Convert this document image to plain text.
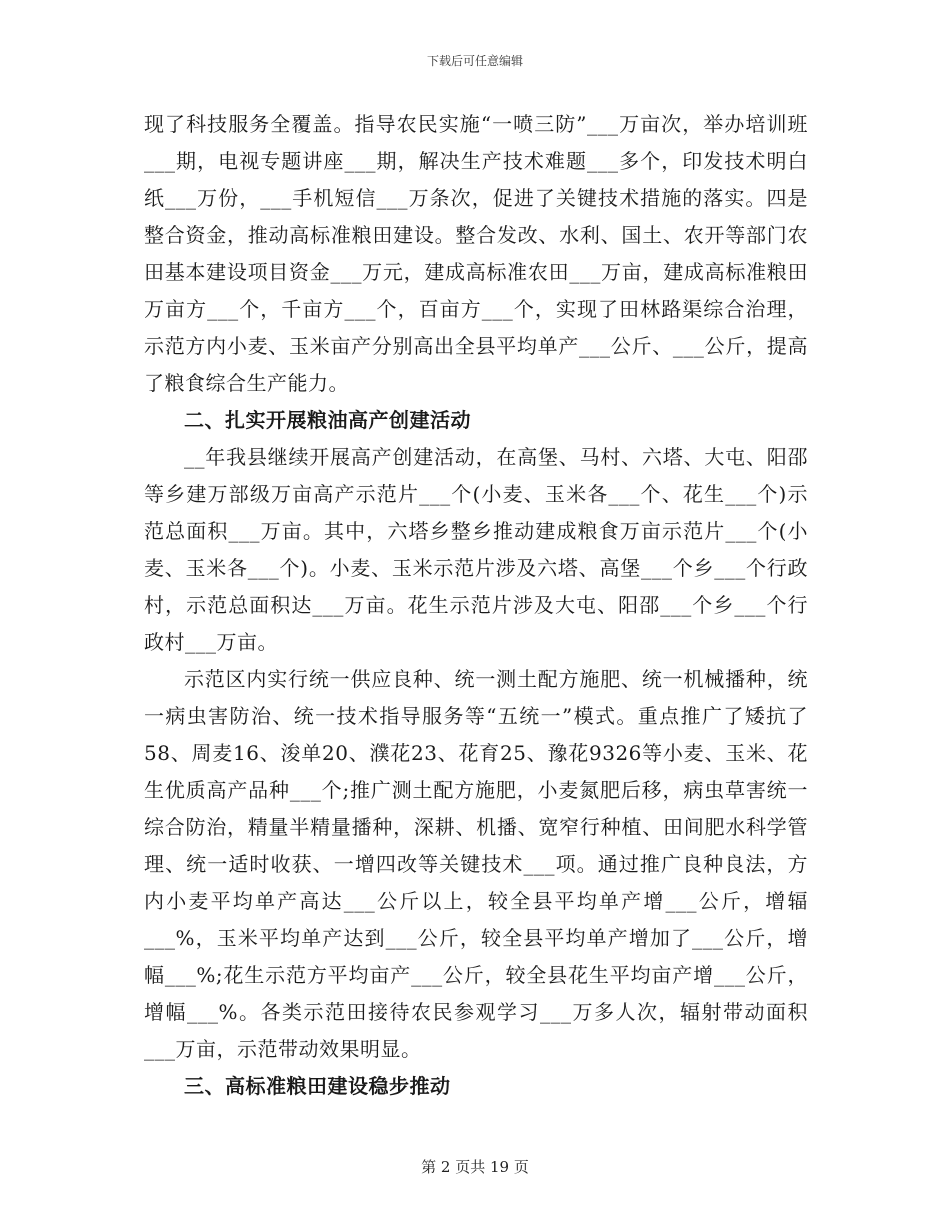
下载后可任意编辑

现了科技服务全覆盖。指导农民实施“一喷三防”___万亩次，举办培训班___期，电视专题讲座___期，解决生产技术难题___多个，印发技术明白纸___万份，___手机短信___万条次，促进了关键技术措施的落实。四是整合资金，推动高标准粮田建设。整合发改、水利、国土、农开等部门农田基本建设项目资金___万元，建成高标准农田___万亩，建成高标准粮田万亩方___个，千亩方___个，百亩方___个，实现了田林路渠综合治理，示范方内小麦、玉米亩产分别高出全县平均单产___公斤、___公斤，提高了粮食综合生产能力。

二、扎实开展粮油高产创建活动

__年我县继续开展高产创建活动，在高堡、马村、六塔、大屯、阳邵等乡建万部级万亩高产示范片___个(小麦、玉米各___个、花生___个)示范总面积___万亩。其中，六塔乡整乡推动建成粮食万亩示范片___个(小麦、玉米各___个)。小麦、玉米示范片涉及六塔、高堡___个乡___个行政村，示范总面积达___万亩。花生示范片涉及大屯、阳邵___个乡___个行政村___万亩。

示范区内实行统一供应良种、统一测土配方施肥、统一机械播种，统一病虫害防治、统一技术指导服务等“五统一”模式。重点推广了矮抗了58、周麦16、浚单20、濮花23、花育25、豫花9326等小麦、玉米、花生优质高产品种___个;推广测土配方施肥，小麦氮肥后移，病虫草害统一综合防治，精量半精量播种，深耕、机播、宽窄行种植、田间肥水科学管理、统一适时收获、一增四改等关键技术___项。通过推广良种良法，方内小麦平均单产高达___公斤以上，较全县平均单产增___公斤，增辐___%，玉米平均单产达到___公斤，较全县平均单产增加了___公斤，增幅___%;花生示范方平均亩产___公斤，较全县花生平均亩产增___公斤，增幅___%。各类示范田接待农民参观学习___万多人次，辐射带动面积___万亩，示范带动效果明显。

三、高标准粮田建设稳步推动
第 2 页共 19 页
